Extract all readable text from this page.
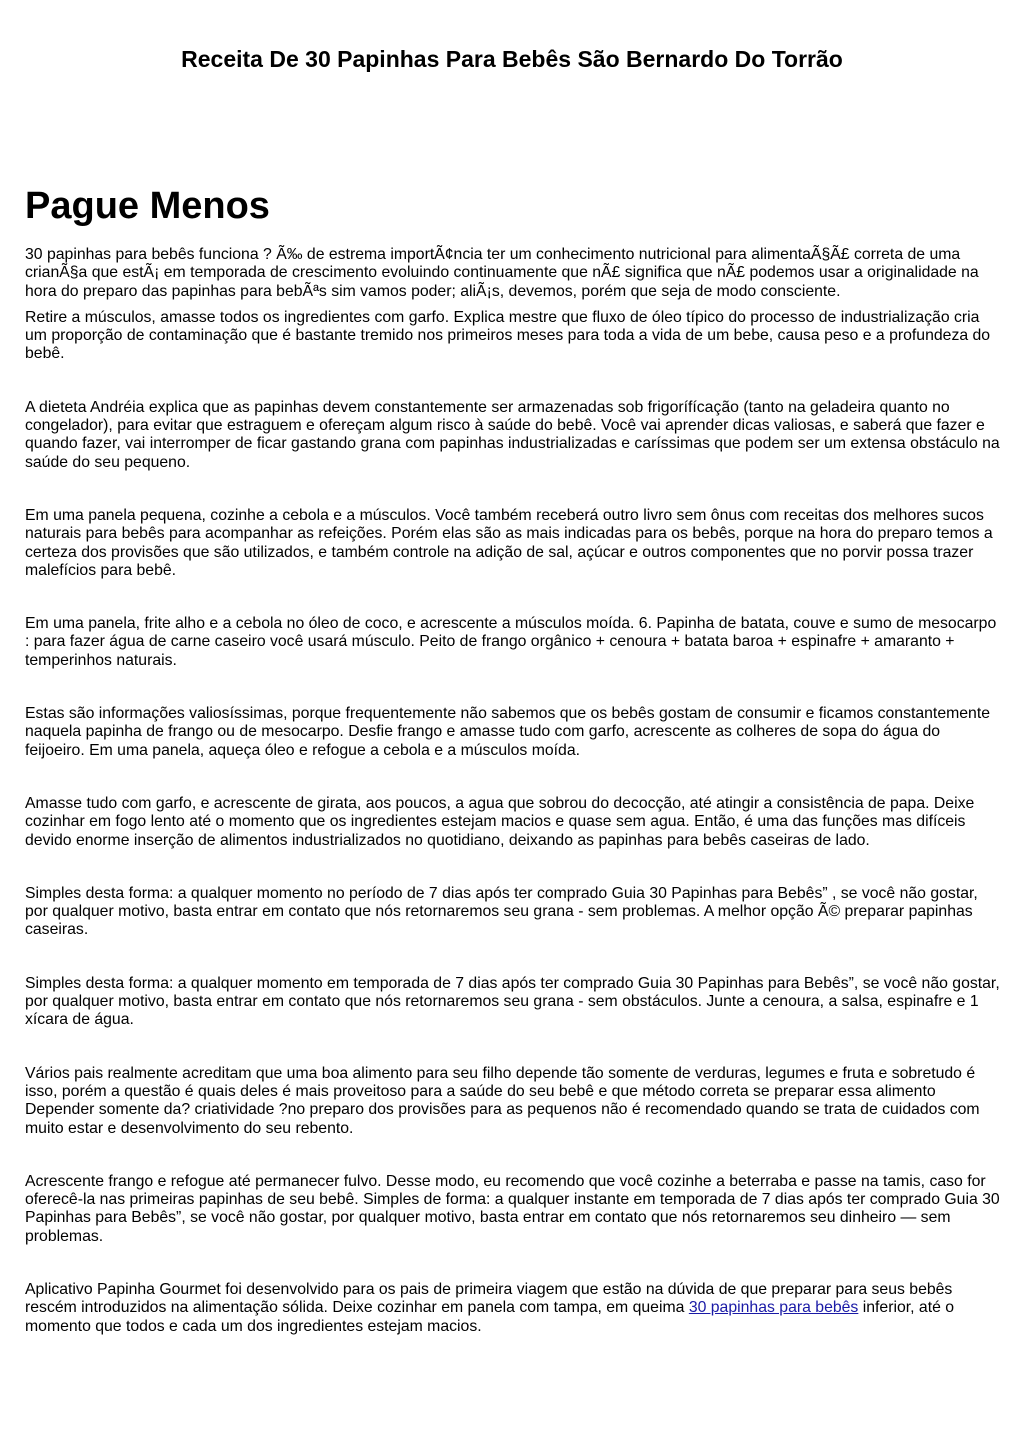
Receita De 30 Papinhas Para Bebês São Bernardo Do Torrão
Pague Menos

30 papinhas para bebês funciona ? Ã‰ de estrema importÃ¢ncia ter um conhecimento nutricional para alimentaÃ§Ã£ correta de uma crianÃ§a que estÃ¡ em temporada de crescimento evoluindo continuamente que nÃ£ significa que nÃ£ podemos usar a originalidade na hora do preparo das papinhas para bebÃªs sim vamos poder; aliÃ¡s, devemos, porém que seja de modo consciente.

Retire a músculos, amasse todos os ingredientes com garfo. Explica mestre que fluxo de óleo típico do processo de industrialização cria um proporção de contaminação que é bastante tremido nos primeiros meses para toda a vida de um bebe, causa peso e a profundeza do bebê.

A dieteta Andréia explica que as papinhas devem constantemente ser armazenadas sob frigorífícação (tanto na geladeira quanto no congelador), para evitar que estraguem e ofereçam algum risco à saúde do bebê. Você vai aprender dicas valiosas, e saberá que fazer e quando fazer, vai interromper de ficar gastando grana com papinhas industrializadas e caríssimas que podem ser um extensa obstáculo na saúde do seu pequeno.

Em uma panela pequena, cozinhe a cebola e a músculos. Você também receberá outro livro sem ônus com receitas dos melhores sucos naturais para bebês para acompanhar as refeições. Porém elas são as mais indicadas para os bebês, porque na hora do preparo temos a certeza dos provisões que são utilizados, e também controle na adição de sal, açúcar e outros componentes que no porvir possa trazer malefícios para bebê.

Em uma panela, frite alho e a cebola no óleo de coco, e acrescente a músculos moída. 6. Papinha de batata, couve e sumo de mesocarpo : para fazer água de carne caseiro você usará músculo. Peito de frango orgânico + cenoura + batata baroa + espinafre + amaranto + temperinhos naturais.

Estas são informações valiosíssimas, porque frequentemente não sabemos que os bebês gostam de consumir e ficamos constantemente naquela papinha de frango ou de mesocarpo. Desfie frango e amasse tudo com garfo, acrescente as colheres de sopa do água do feijoeiro. Em uma panela, aqueça óleo e refogue a cebola e a músculos moída.

Amasse tudo com garfo, e acrescente de girata, aos poucos, a agua que sobrou do decocção, até atingir a consistência de papa. Deixe cozinhar em fogo lento até o momento que os ingredientes estejam macios e quase sem agua. Então, é uma das funções mas difíceis devido enorme inserção de alimentos industrializados no quotidiano, deixando as papinhas para bebês caseiras de lado.

Simples desta forma: a qualquer momento no período de 7 dias após ter comprado Guia 30 Papinhas para Bebês” , se você não gostar, por qualquer motivo, basta entrar em contato que nós retornaremos seu grana - sem problemas. A melhor opção Ã© preparar papinhas caseiras.

Simples desta forma: a qualquer momento em temporada de 7 dias após ter comprado Guia 30 Papinhas para Bebês”, se você não gostar, por qualquer motivo, basta entrar em contato que nós retornaremos seu grana - sem obstáculos. Junte a cenoura, a salsa, espinafre e 1 xícara de água.

Vários pais realmente acreditam que uma boa alimento para seu filho depende tão somente de verduras, legumes e fruta e sobretudo é isso, porém a questão é quais deles é mais proveitoso para a saúde do seu bebê e que método correta se preparar essa alimento Depender somente da? criatividade ?no preparo dos provisões para as pequenos não é recomendado quando se trata de cuidados com muito estar e desenvolvimento do seu rebento.

Acrescente frango e refogue até permanecer fulvo. Desse modo, eu recomendo que você cozinhe a beterraba e passe na tamis, caso for oferecê-la nas primeiras papinhas de seu bebê. Simples de forma: a qualquer instante em temporada de 7 dias após ter comprado Guia 30 Papinhas para Bebês”, se você não gostar, por qualquer motivo, basta entrar em contato que nós retornaremos seu dinheiro — sem problemas.

Aplicativo Papinha Gourmet foi desenvolvido para os pais de primeira viagem que estão na dúvida de que preparar para seus bebês rescém introduzidos na alimentação sólida. Deixe cozinhar em panela com tampa, em queima 30 papinhas para bebês inferior, até o momento que todos e cada um dos ingredientes estejam macios.
